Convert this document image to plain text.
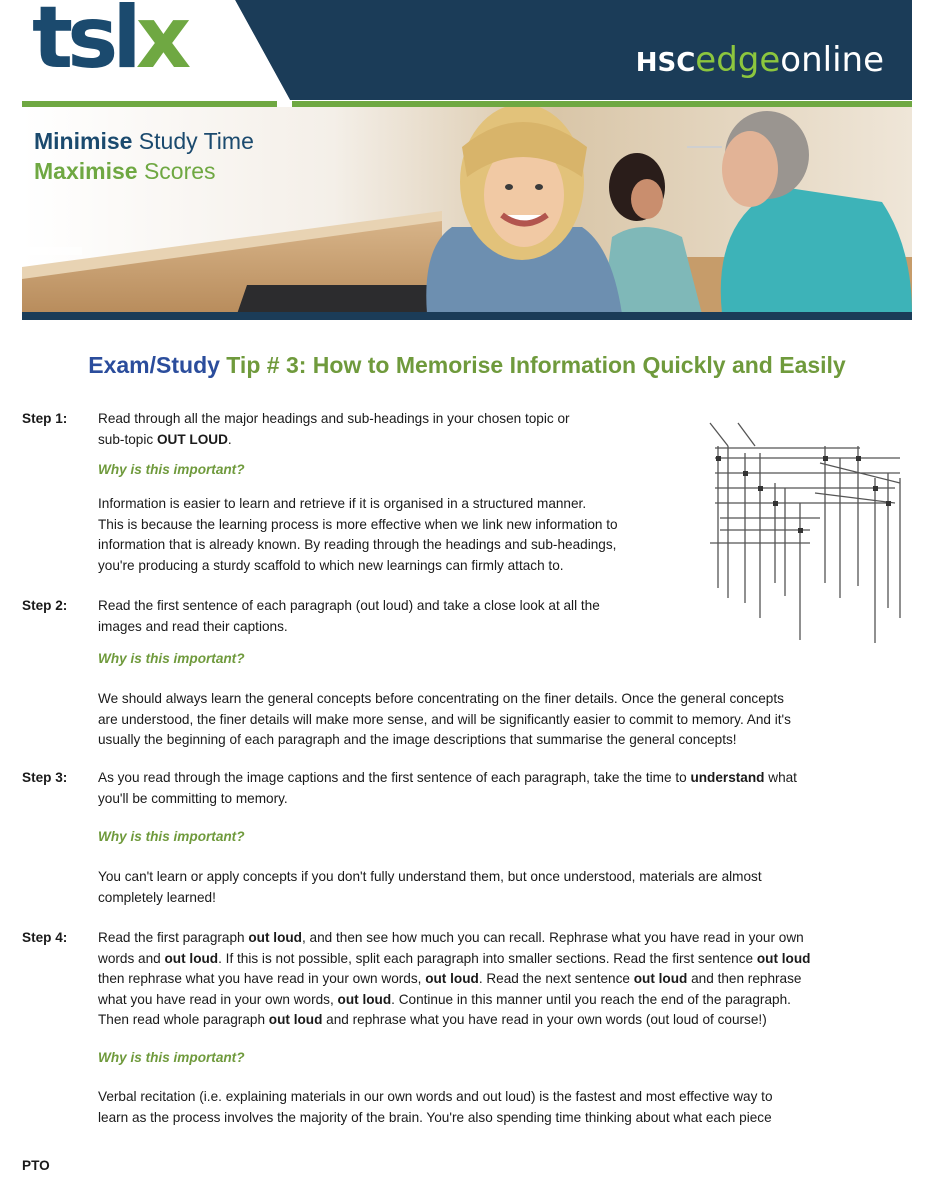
tslx	HSCedgeonline
Minimise Study Time
Maximise Scores
Exam/Study Tip # 3: How to Memorise Information Quickly and Easily
Step 1:	Read through all the major headings and sub-headings in your chosen topic or
sub-topic OUT LOUD.
Why is this important?
Information is easier to learn and retrieve if it is organised in a structured manner.
This is because the learning process is more effective when we link new information to
information that is already known. By reading through the headings and sub-headings,
you're producing a sturdy scaffold to which new learnings can firmly attach to.
Step 2:	Read the first sentence of each paragraph (out loud) and take a close look at all the
images and read their captions.
Why is this important?
We should always learn the general concepts before concentrating on the finer details. Once the general concepts
are understood, the finer details will make more sense, and will be significantly easier to commit to memory. And it's
usually the beginning of each paragraph and the image descriptions that summarise the general concepts!
Step 3:	As you read through the image captions and the first sentence of each paragraph, take the time to understand what
you'll be committing to memory.
Why is this important?
You can't learn or apply concepts if you don't fully understand them, but once understood, materials are almost
completely learned!
Step 4:	Read the first paragraph out loud, and then see how much you can recall. Rephrase what you have read in your own
words and out loud. If this is not possible, split each paragraph into smaller sections. Read the first sentence out loud
then rephrase what you have read in your own words, out loud. Read the next sentence out loud and then rephrase
what you have read in your own words, out loud. Continue in this manner until you reach the end of the paragraph.
Then read whole paragraph out loud and rephrase what you have read in your own words (out loud of course!)
Why is this important?
Verbal recitation (i.e. explaining materials in our own words and out loud) is the fastest and most effective way to
learn as the process involves the majority of the brain. You're also spending time thinking about what each piece
PTO
